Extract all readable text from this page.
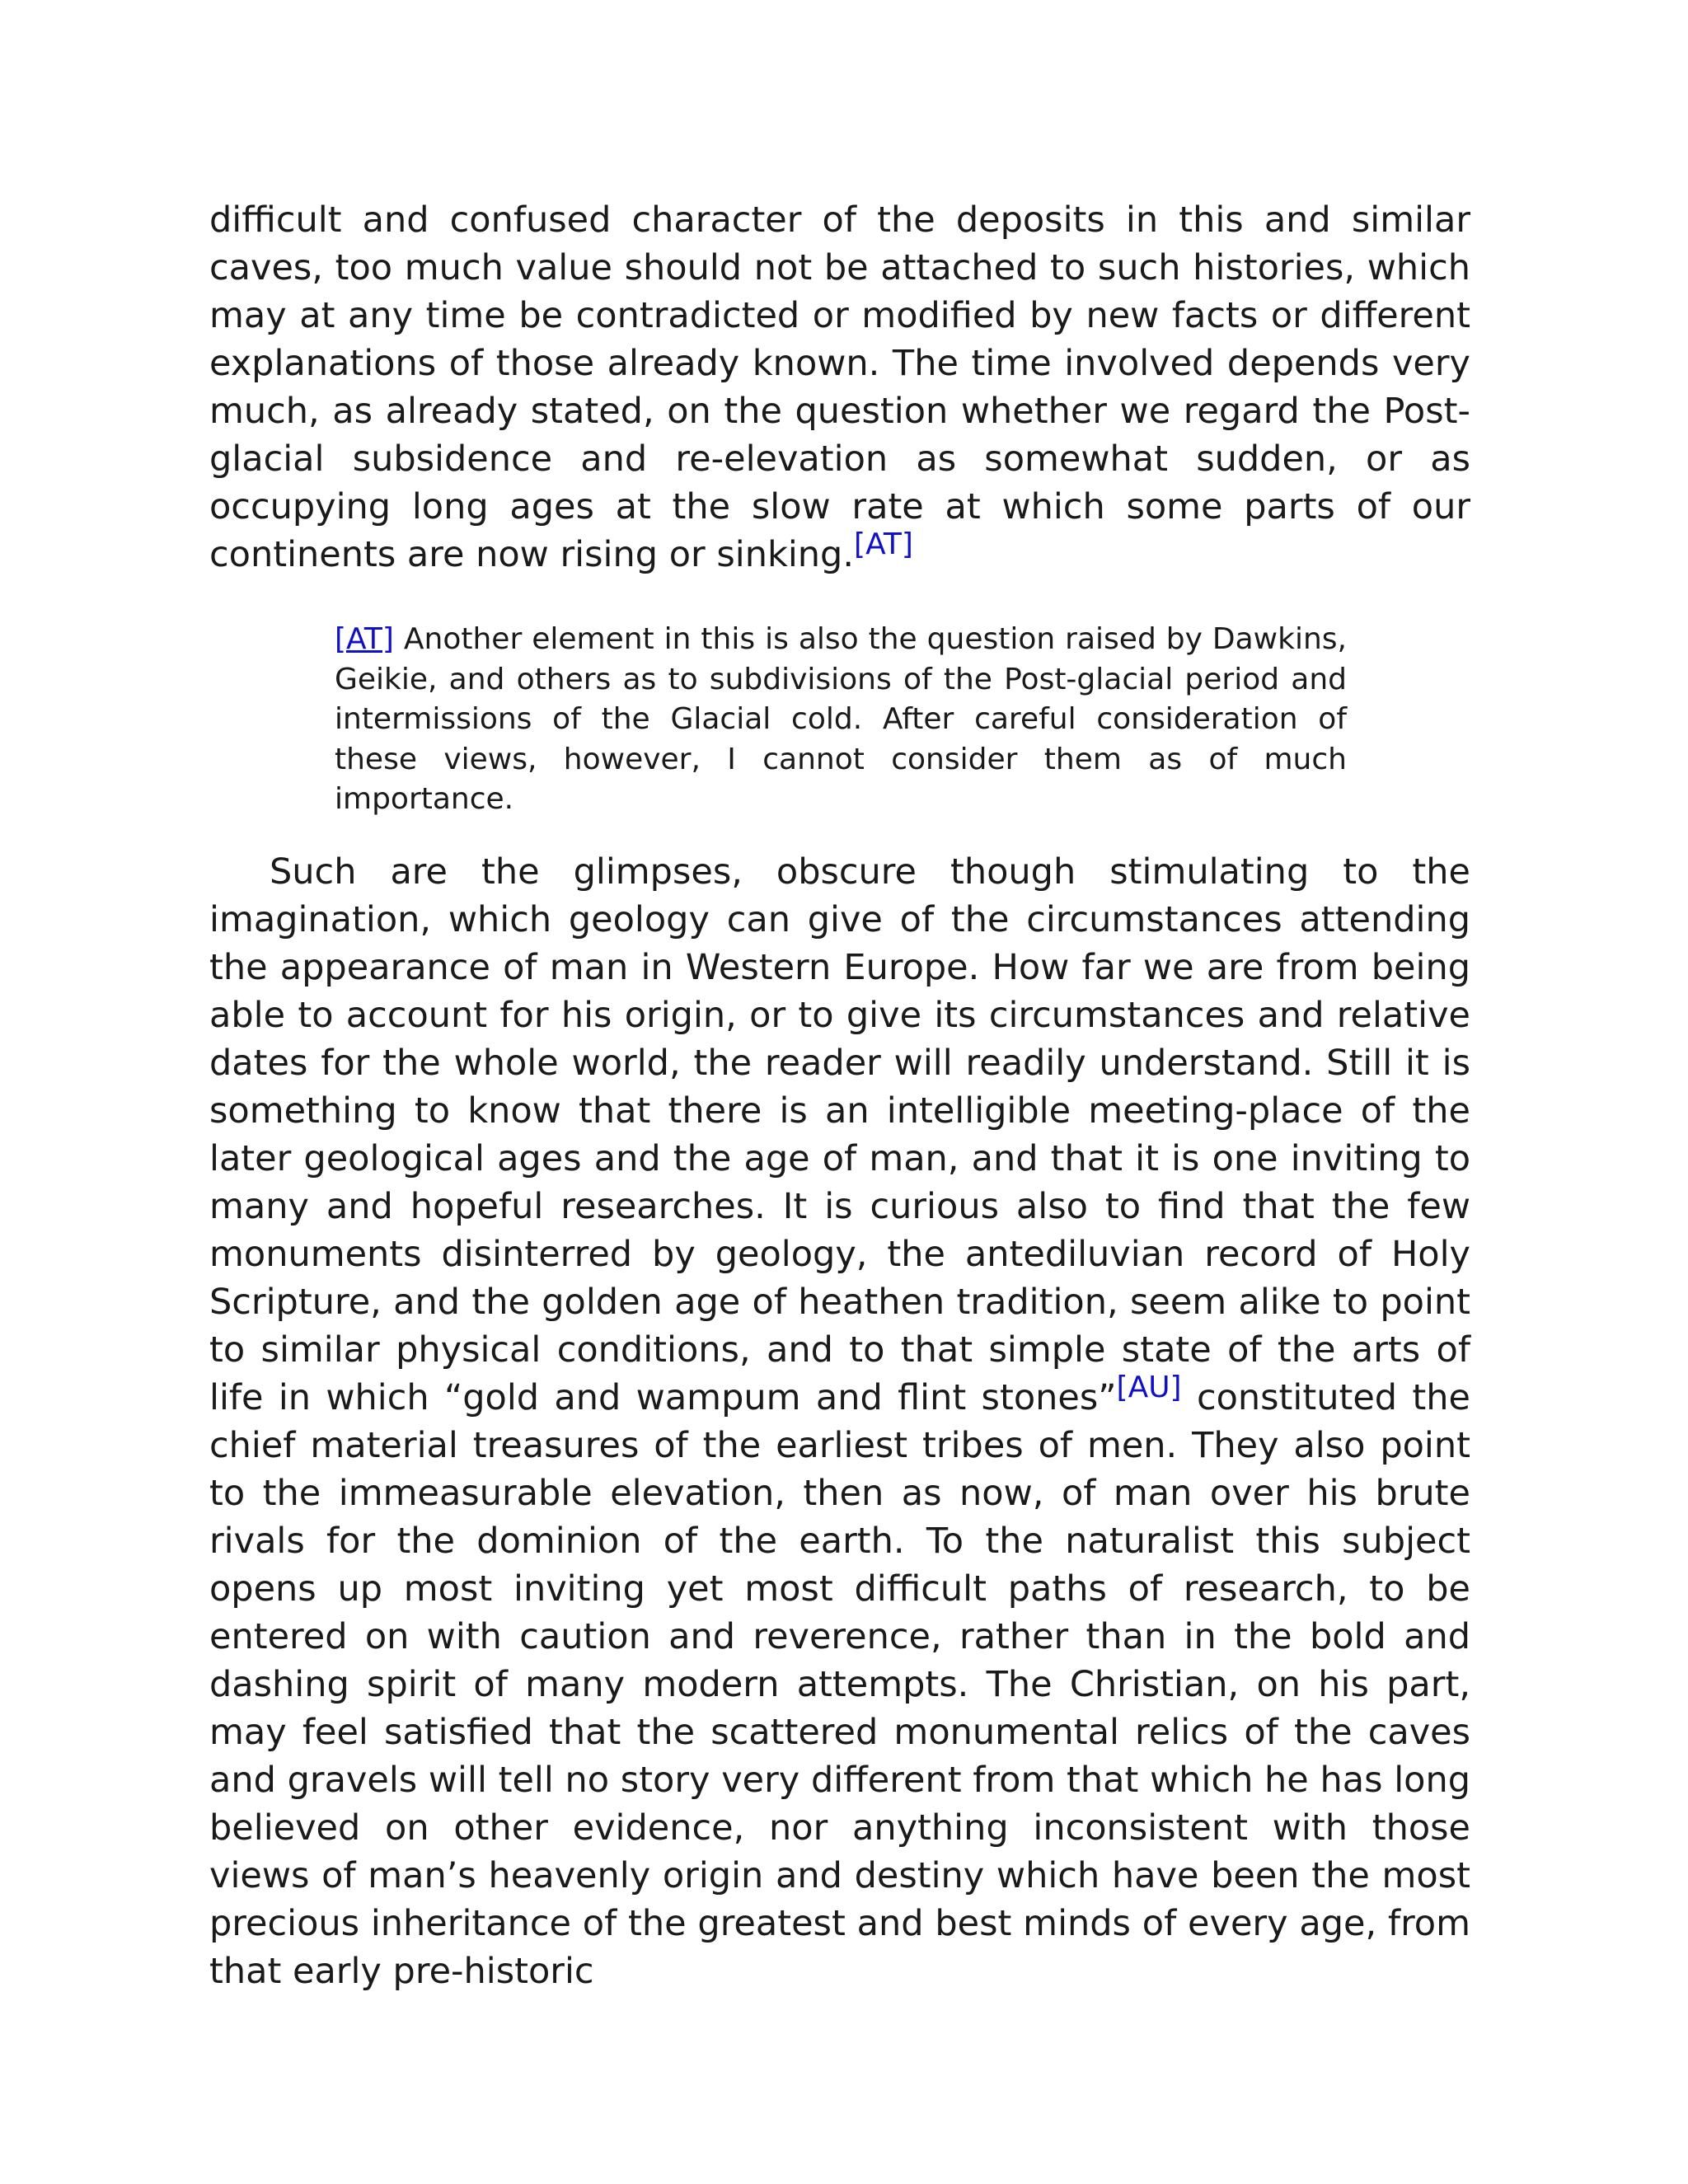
difficult and confused character of the deposits in this and similar caves, too much value should not be attached to such histories, which may at any time be contradicted or modified by new facts or different explanations of those already known. The time involved depends very much, as already stated, on the question whether we regard the Post-glacial subsidence and re-elevation as somewhat sudden, or as occupying long ages at the slow rate at which some parts of our continents are now rising or sinking.[AT]

[AT] Another element in this is also the question raised by Dawkins, Geikie, and others as to subdivisions of the Post-glacial period and intermissions of the Glacial cold. After careful consideration of these views, however, I cannot consider them as of much importance.

Such are the glimpses, obscure though stimulating to the imagination, which geology can give of the circumstances attending the appearance of man in Western Europe. How far we are from being able to account for his origin, or to give its circumstances and relative dates for the whole world, the reader will readily understand. Still it is something to know that there is an intelligible meeting-place of the later geological ages and the age of man, and that it is one inviting to many and hopeful researches. It is curious also to find that the few monuments disinterred by geology, the antediluvian record of Holy Scripture, and the golden age of heathen tradition, seem alike to point to similar physical conditions, and to that simple state of the arts of life in which “gold and wampum and flint stones”[AU] constituted the chief material treasures of the earliest tribes of men. They also point to the immeasurable elevation, then as now, of man over his brute rivals for the dominion of the earth. To the naturalist this subject opens up most inviting yet most difficult paths of research, to be entered on with caution and reverence, rather than in the bold and dashing spirit of many modern attempts. The Christian, on his part, may feel satisfied that the scattered monumental relics of the caves and gravels will tell no story very different from that which he has long believed on other evidence, nor anything inconsistent with those views of man’s heavenly origin and destiny which have been the most precious inheritance of the greatest and best minds of every age, from that early pre-historic
